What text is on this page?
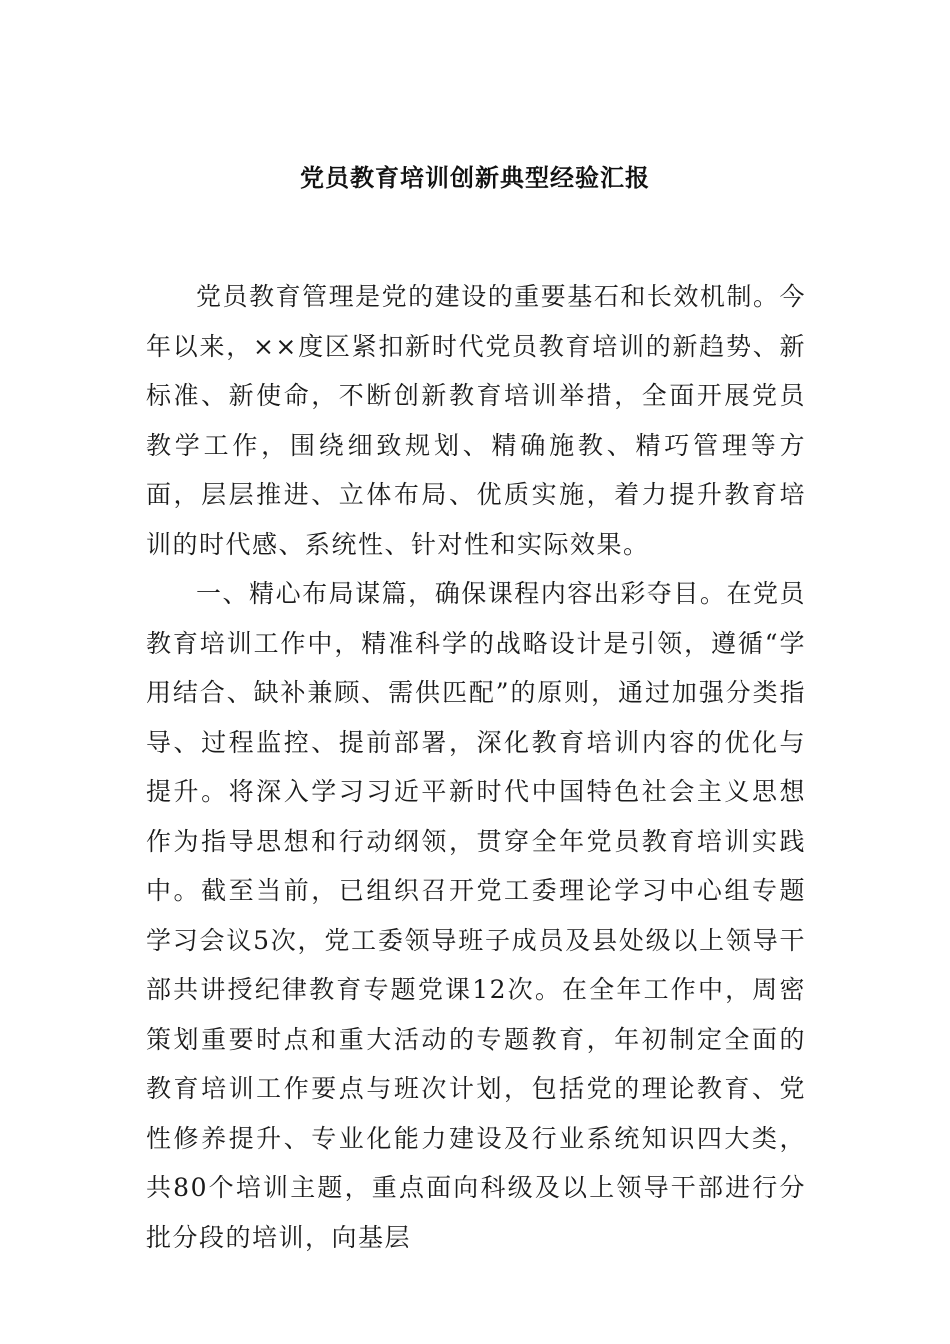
党员教育培训创新典型经验汇报

党员教育管理是党的建设的重要基石和长效机制。今年以来，××度区紧扣新时代党员教育培训的新趋势、新标准、新使命，不断创新教育培训举措，全面开展党员教学工作，围绕细致规划、精确施教、精巧管理等方面，层层推进、立体布局、优质实施，着力提升教育培训的时代感、系统性、针对性和实际效果。

一、精心布局谋篇，确保课程内容出彩夺目。在党员教育培训工作中，精准科学的战略设计是引领，遵循“学用结合、缺补兼顾、需供匹配”的原则，通过加强分类指导、过程监控、提前部署，深化教育培训内容的优化与提升。将深入学习习近平新时代中国特色社会主义思想作为指导思想和行动纲领，贯穿全年党员教育培训实践中。截至当前，已组织召开党工委理论学习中心组专题学习会议5次，党工委领导班子成员及县处级以上领导干部共讲授纪律教育专题党课12次。在全年工作中，周密策划重要时点和重大活动的专题教育，年初制定全面的教育培训工作要点与班次计划，包括党的理论教育、党性修养提升、专业化能力建设及行业系统知识四大类，共80个培训主题，重点面向科级及以上领导干部进行分批分段的培训，向基层
